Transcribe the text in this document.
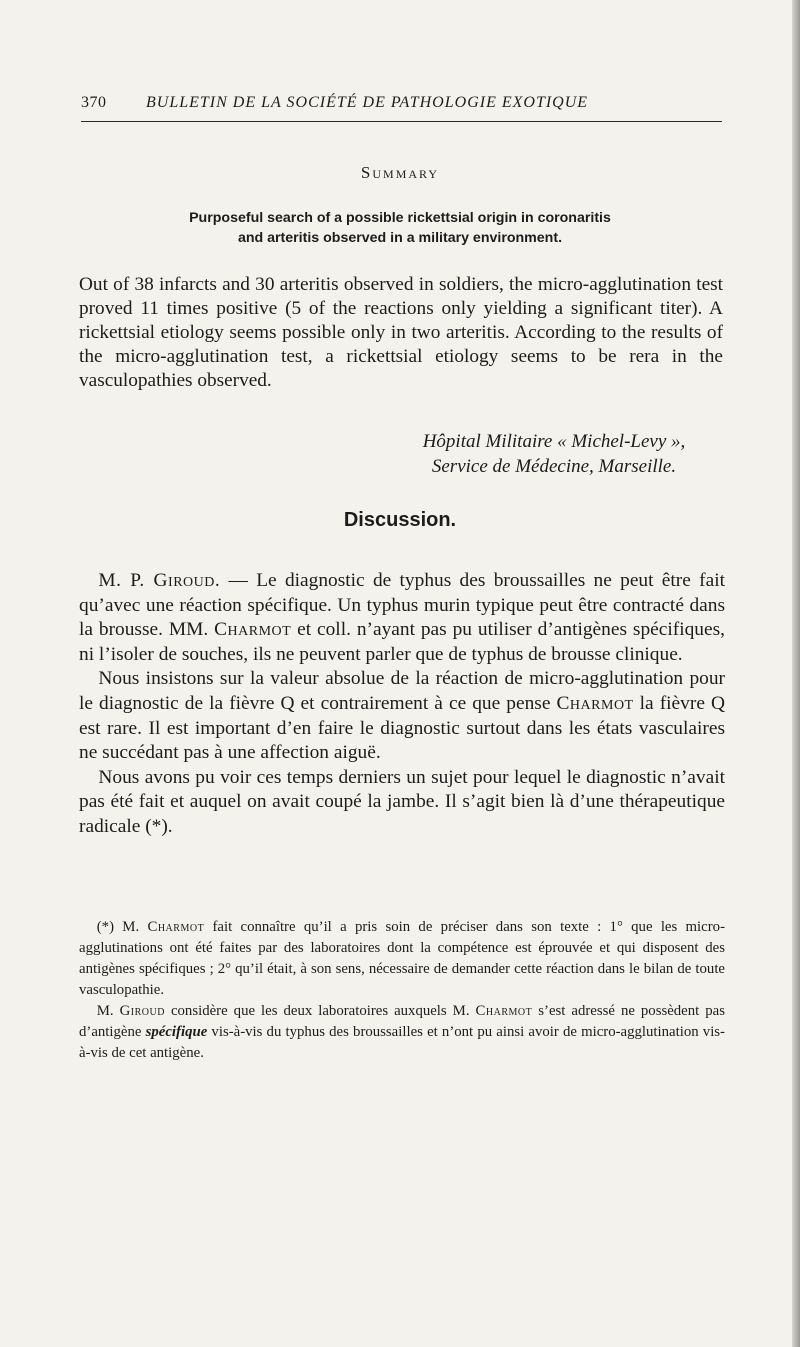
370 BULLETIN DE LA SOCIÉTÉ DE PATHOLOGIE EXOTIQUE
Summary
Purposeful search of a possible rickettsial origin in coronaritis
and arteritis observed in a military environment.

Out of 38 infarcts and 30 arteritis observed in soldiers, the micro-agglutination test proved 11 times positive (5 of the reactions only yielding a significant titer). A rickettsial etiology seems possible only in two arteritis. According to the results of the micro-agglutination test, a rickettsial etiology seems to be rera in the vasculopathies observed.

Hôpital Militaire « Michel-Levy »,
Service de Médecine, Marseille.
Discussion.

M. P. Giroud. — Le diagnostic de typhus des broussailles ne peut être fait qu’avec une réaction spécifique. Un typhus murin typique peut être contracté dans la brousse. MM. Charmot et coll. n’ayant pas pu utiliser d’antigènes spécifiques, ni l’isoler de souches, ils ne peuvent parler que de typhus de brousse clinique.

Nous insistons sur la valeur absolue de la réaction de micro-agglutination pour le diagnostic de la fièvre Q et contrairement à ce que pense Charmot la fièvre Q est rare. Il est important d’en faire le diagnostic surtout dans les états vasculaires ne succédant pas à une affection aiguë.

Nous avons pu voir ces temps derniers un sujet pour lequel le diagnostic n’avait pas été fait et auquel on avait coupé la jambe. Il s’agit bien là d’une thérapeutique radicale (*).

(*) M. Charmot fait connaître qu’il a pris soin de préciser dans son texte : 1° que les micro-agglutinations ont été faites par des laboratoires dont la compétence est éprouvée et qui disposent des antigènes spécifiques ; 2° qu’il était, à son sens, nécessaire de demander cette réaction dans le bilan de toute vasculopathie.

M. Giroud considère que les deux laboratoires auxquels M. Charmot s’est adressé ne possèdent pas d’antigène spécifique vis-à-vis du typhus des broussailles et n’ont pu ainsi avoir de micro-agglutination vis-à-vis de cet antigène.
